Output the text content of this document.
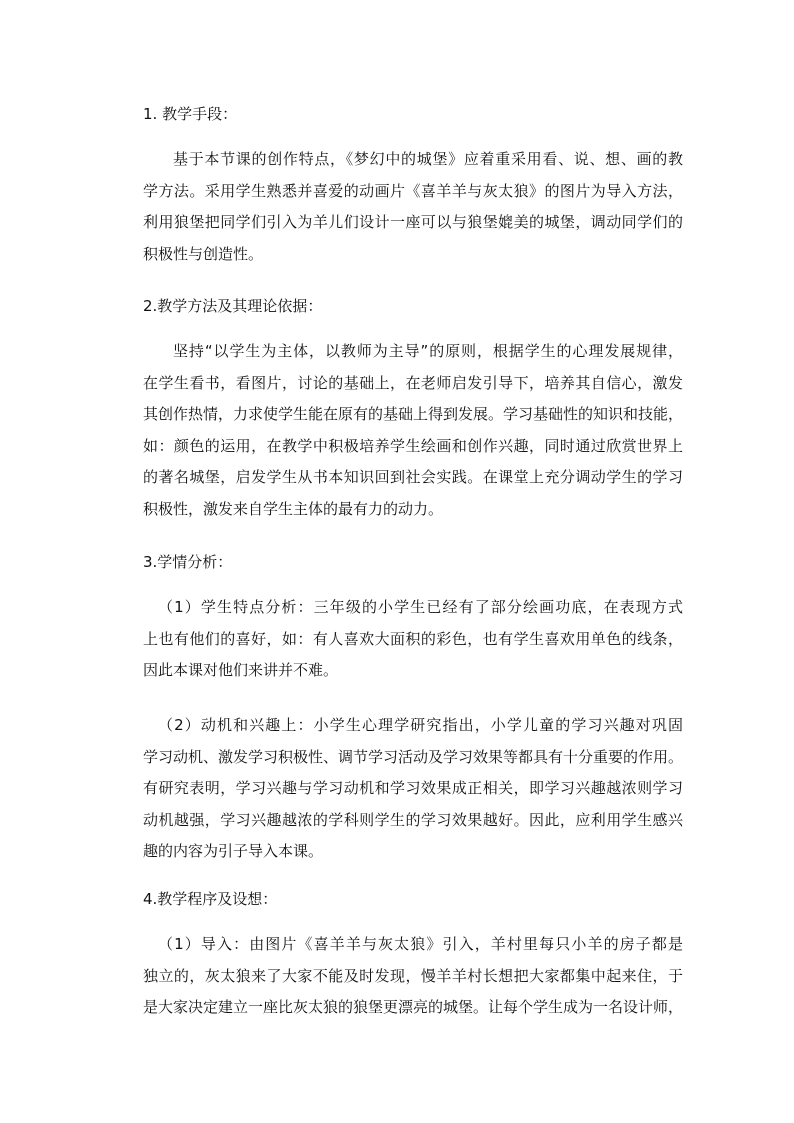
1. 教学手段：
基于本节课的创作特点，《梦幻中的城堡》应着重采用看、说、想、画的教
学方法。采用学生熟悉并喜爱的动画片《喜羊羊与灰太狼》的图片为导入方法，
利用狼堡把同学们引入为羊儿们设计一座可以与狼堡媲美的城堡，调动同学们的
积极性与创造性。
2.教学方法及其理论依据：
坚持“以学生为主体，以教师为主导”的原则，根据学生的心理发展规律，
在学生看书，看图片，讨论的基础上，在老师启发引导下，培养其自信心，激发
其创作热情，力求使学生能在原有的基础上得到发展。学习基础性的知识和技能，
如：颜色的运用，在教学中积极培养学生绘画和创作兴趣，同时通过欣赏世界上
的著名城堡，启发学生从书本知识回到社会实践。在课堂上充分调动学生的学习
积极性，激发来自学生主体的最有力的动力。
3.学情分析：
（1）学生特点分析：三年级的小学生已经有了部分绘画功底，在表现方式
上也有他们的喜好，如：有人喜欢大面积的彩色，也有学生喜欢用单色的线条，
因此本课对他们来讲并不难。
（2）动机和兴趣上：小学生心理学研究指出，小学儿童的学习兴趣对巩固
学习动机、激发学习积极性、调节学习活动及学习效果等都具有十分重要的作用。
有研究表明，学习兴趣与学习动机和学习效果成正相关，即学习兴趣越浓则学习
动机越强，学习兴趣越浓的学科则学生的学习效果越好。因此，应利用学生感兴
趣的内容为引子导入本课。
4.教学程序及设想：
（1）导入：由图片《喜羊羊与灰太狼》引入，羊村里每只小羊的房子都是
独立的，灰太狼来了大家不能及时发现，慢羊羊村长想把大家都集中起来住，于
是大家决定建立一座比灰太狼的狼堡更漂亮的城堡。让每个学生成为一名设计师，
